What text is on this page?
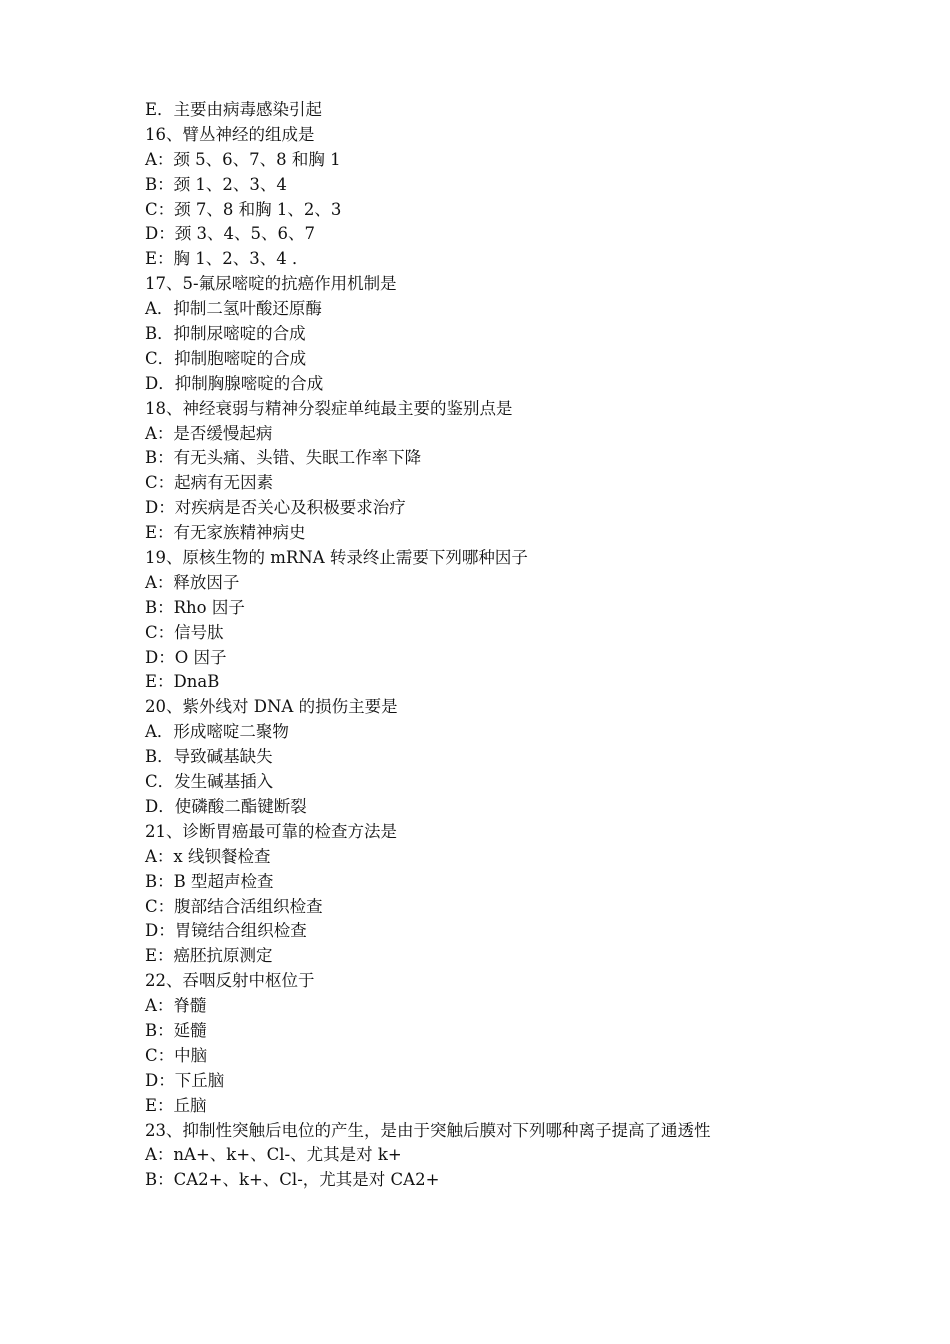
E．主要由病毒感染引起
16、臂丛神经的组成是
A：颈 5、6、7、8 和胸 1
B：颈 1、2、3、4
C：颈 7、8 和胸 1、2、3
D：颈 3、4、5、6、7
E：胸 1、2、3、4 ．
17、5-氟尿嘧啶的抗癌作用机制是
A．抑制二氢叶酸还原酶
B．抑制尿嘧啶的合成
C．抑制胞嘧啶的合成
D．抑制胸腺嘧啶的合成
18、神经衰弱与精神分裂症单纯最主要的鉴别点是
A：是否缓慢起病
B：有无头痛、头错、失眠工作率下降
C：起病有无因素
D：对疾病是否关心及积极要求治疗
E：有无家族精神病史
19、原核生物的 mRNA 转录终止需要下列哪种因子
A：释放因子
B：Rho 因子
C：信号肽
D：O 因子
E：DnaB
20、紫外线对 DNA 的损伤主要是
A．形成嘧啶二聚物
B．导致碱基缺失
C．发生碱基插入
D．使磷酸二酯键断裂
21、诊断胃癌最可靠的检查方法是
A：x 线钡餐检查
B：B 型超声检查
C：腹部结合活组织检查
D：胃镜结合组织检查
E：癌胚抗原测定
22、吞咽反射中枢位于
A：脊髓
B：延髓
C：中脑
D：下丘脑
E：丘脑
23、抑制性突触后电位的产生，是由于突触后膜对下列哪种离子提高了通透性
A：nA+、k+、Cl-、尤其是对 k+
B：CA2+、k+、Cl-，尤其是对 CA2+
